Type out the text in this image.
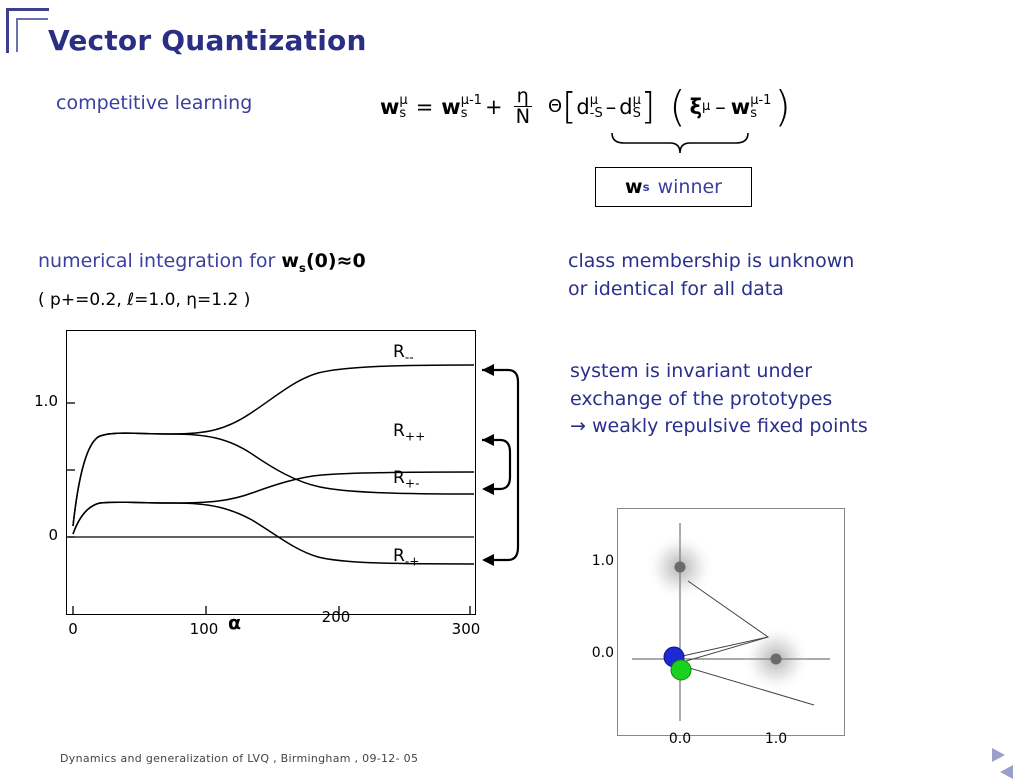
Vector Quantization
competitive learning	w μ
s = w μ-1
$s + \frac{\eta}{N}$ Θ [ d μ
-S – d μ
S ] ( ξ μ – w μ-1
s )
w s winner
numerical integration for $w_s(0)\approx 0$
( p+=0.2, ℓ=1.0, η=1.2 )
class membership is unknown
or identical for all data
system is invariant under
exchange of the prototypes
→ weakly repulsive fixed points
1.0
0
0	100
200
300
α
$R_{--}$
$R_{++}$
$R_{+-}$
$R_{-+}$	1.0
0.0
0.0	1.0
Dynamics and generalization of LVQ , Birmingham , 09-12- 05
